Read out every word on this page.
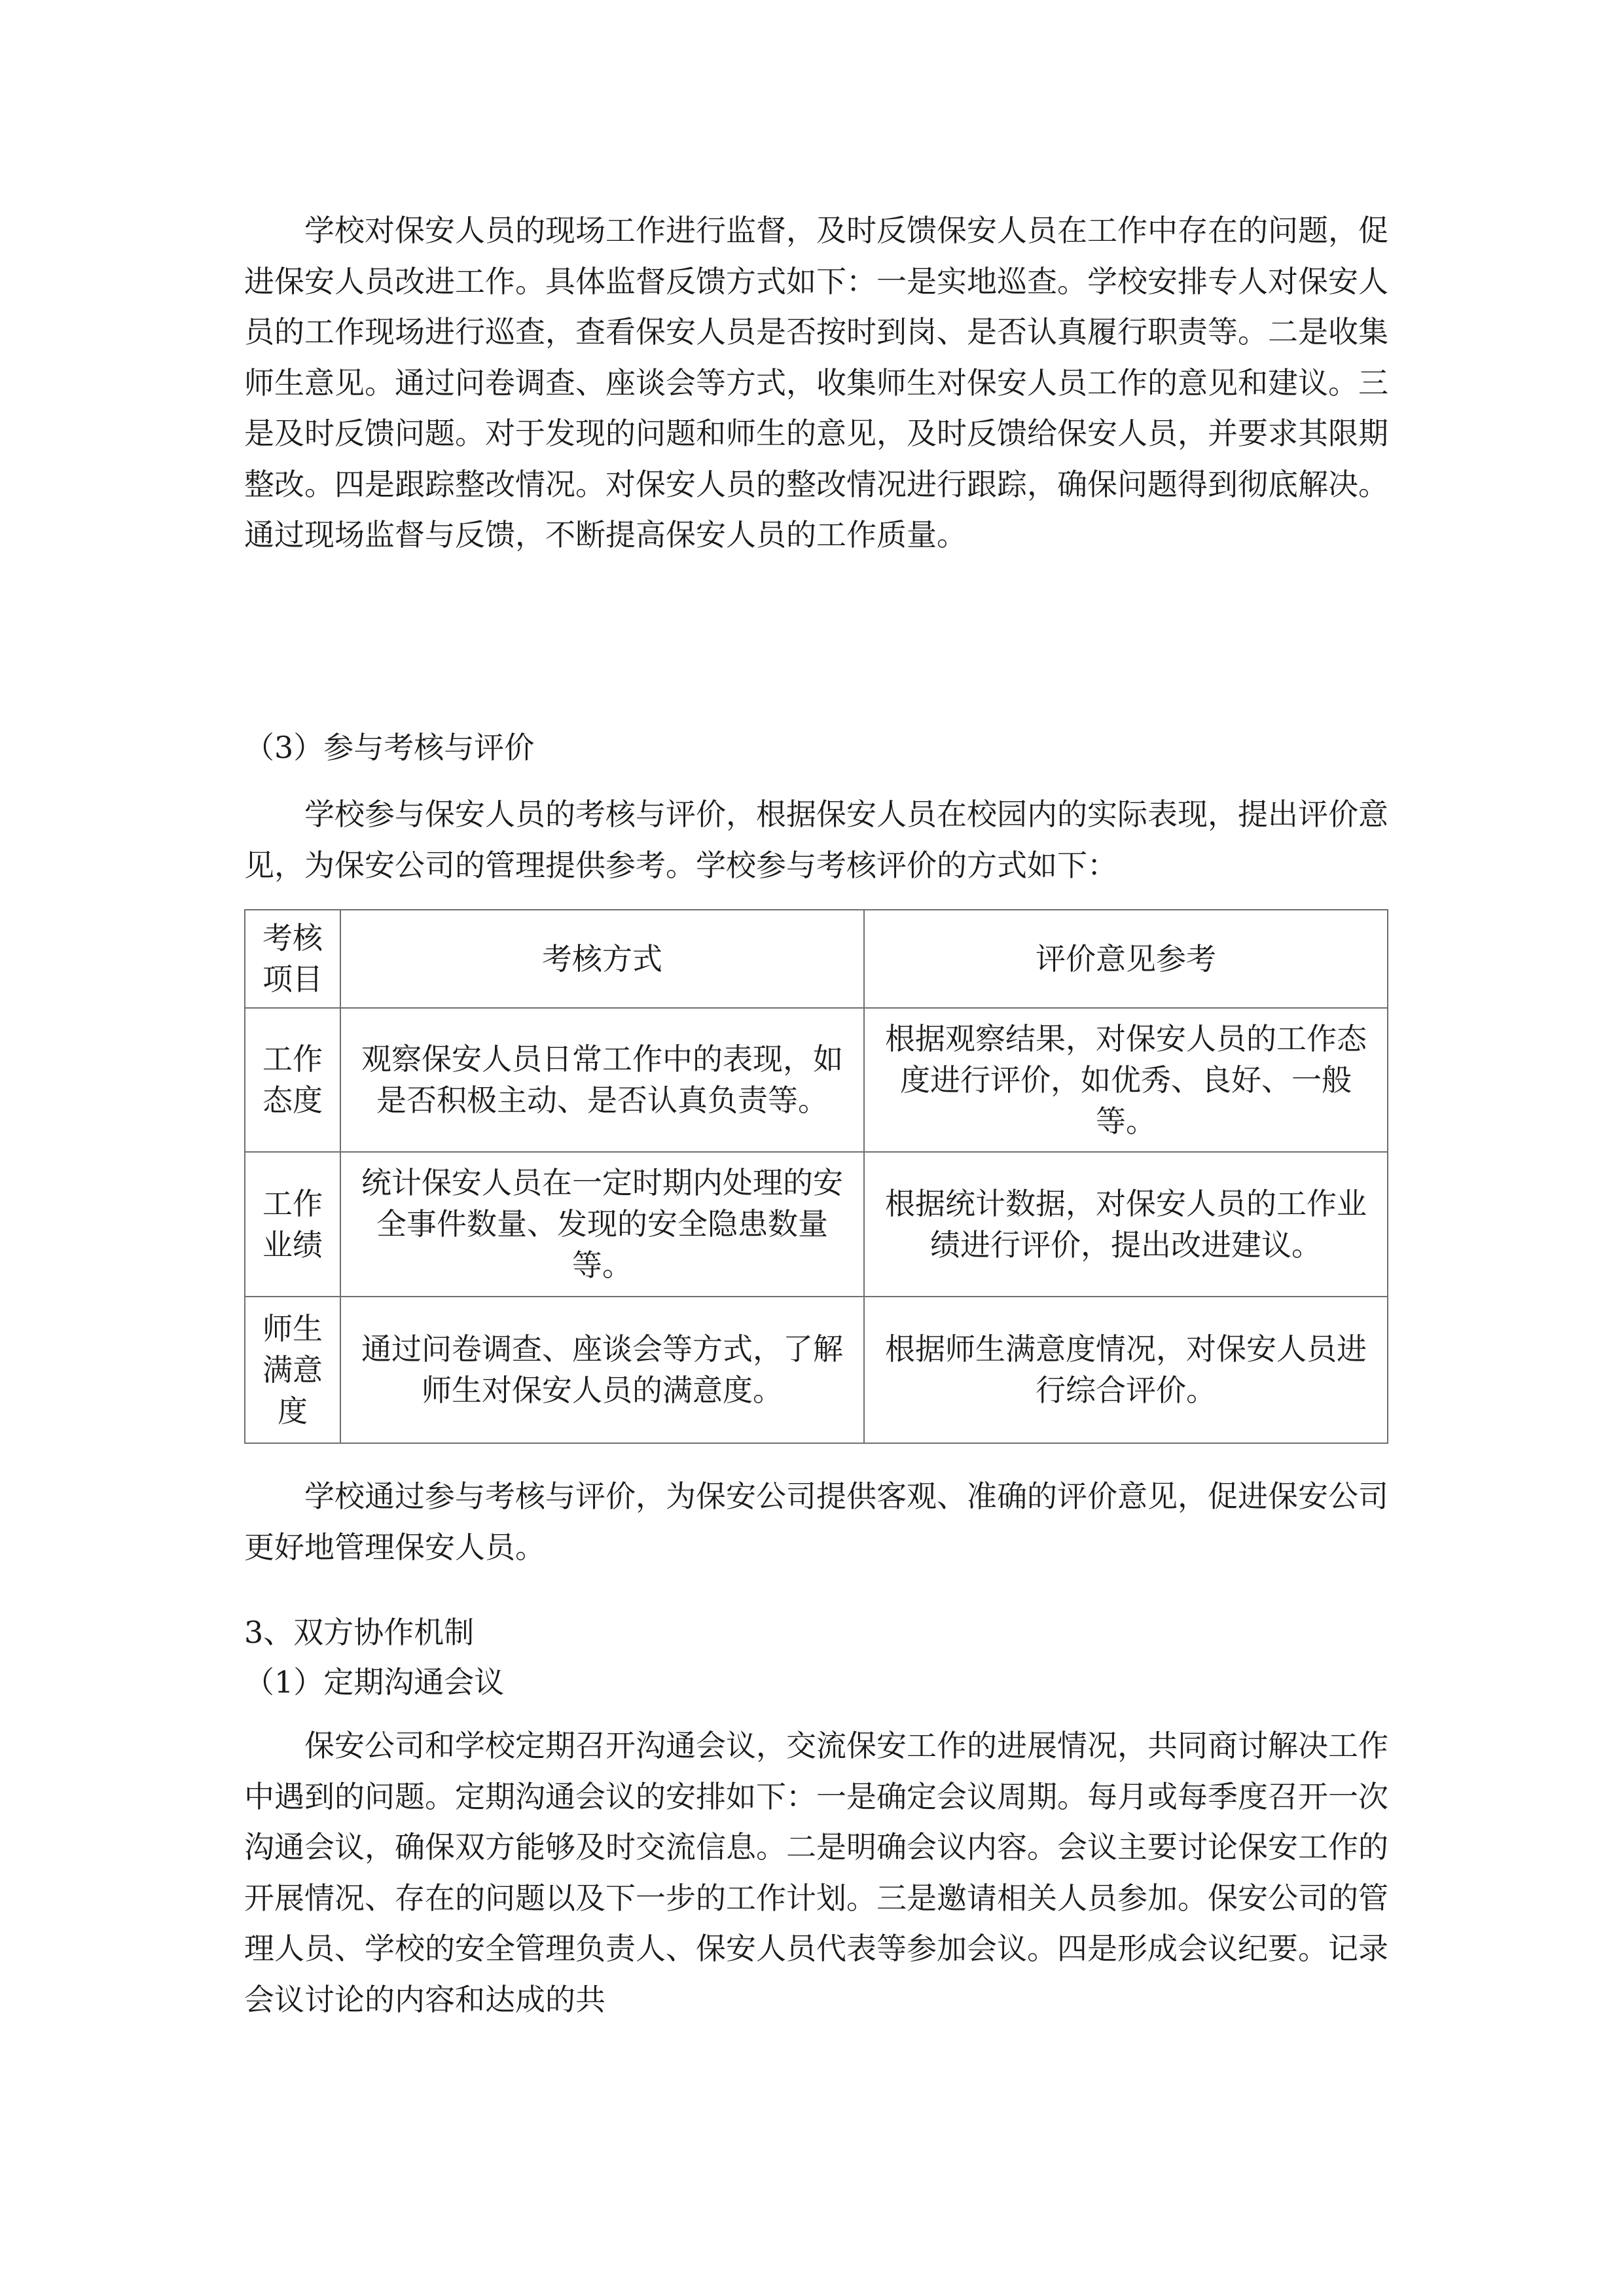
学校对保安人员的现场工作进行监督，及时反馈保安人员在工作中存在的问题，促进保安人员改进工作。具体监督反馈方式如下：一是实地巡查。学校安排专人对保安人员的工作现场进行巡查，查看保安人员是否按时到岗、是否认真履行职责等。二是收集师生意见。通过问卷调查、座谈会等方式，收集师生对保安人员工作的意见和建议。三是及时反馈问题。对于发现的问题和师生的意见，及时反馈给保安人员，并要求其限期整改。四是跟踪整改情况。对保安人员的整改情况进行跟踪，确保问题得到彻底解决。通过现场监督与反馈，不断提高保安人员的工作质量。

（3）参与考核与评价

学校参与保安人员的考核与评价，根据保安人员在校园内的实际表现，提出评价意见，为保安公司的管理提供参考。学校参与考核评价的方式如下：

考核项目	考核方式	评价意见参考
工作态度	观察保安人员日常工作中的表现，如是否积极主动、是否认真负责等。	根据观察结果，对保安人员的工作态度进行评价，如优秀、良好、一般等。
工作业绩	统计保安人员在一定时期内处理的安全事件数量、发现的安全隐患数量等。	根据统计数据，对保安人员的工作业绩进行评价，提出改进建议。
师生满意度	通过问卷调查、座谈会等方式，了解师生对保安人员的满意度。	根据师生满意度情况，对保安人员进行综合评价。

学校通过参与考核与评价，为保安公司提供客观、准确的评价意见，促进保安公司更好地管理保安人员。

3、双方协作机制

（1）定期沟通会议

保安公司和学校定期召开沟通会议，交流保安工作的进展情况，共同商讨解决工作中遇到的问题。定期沟通会议的安排如下：一是确定会议周期。每月或每季度召开一次沟通会议，确保双方能够及时交流信息。二是明确会议内容。会议主要讨论保安工作的开展情况、存在的问题以及下一步的工作计划。三是邀请相关人员参加。保安公司的管理人员、学校的安全管理负责人、保安人员代表等参加会议。四是形成会议纪要。记录会议讨论的内容和达成的共
